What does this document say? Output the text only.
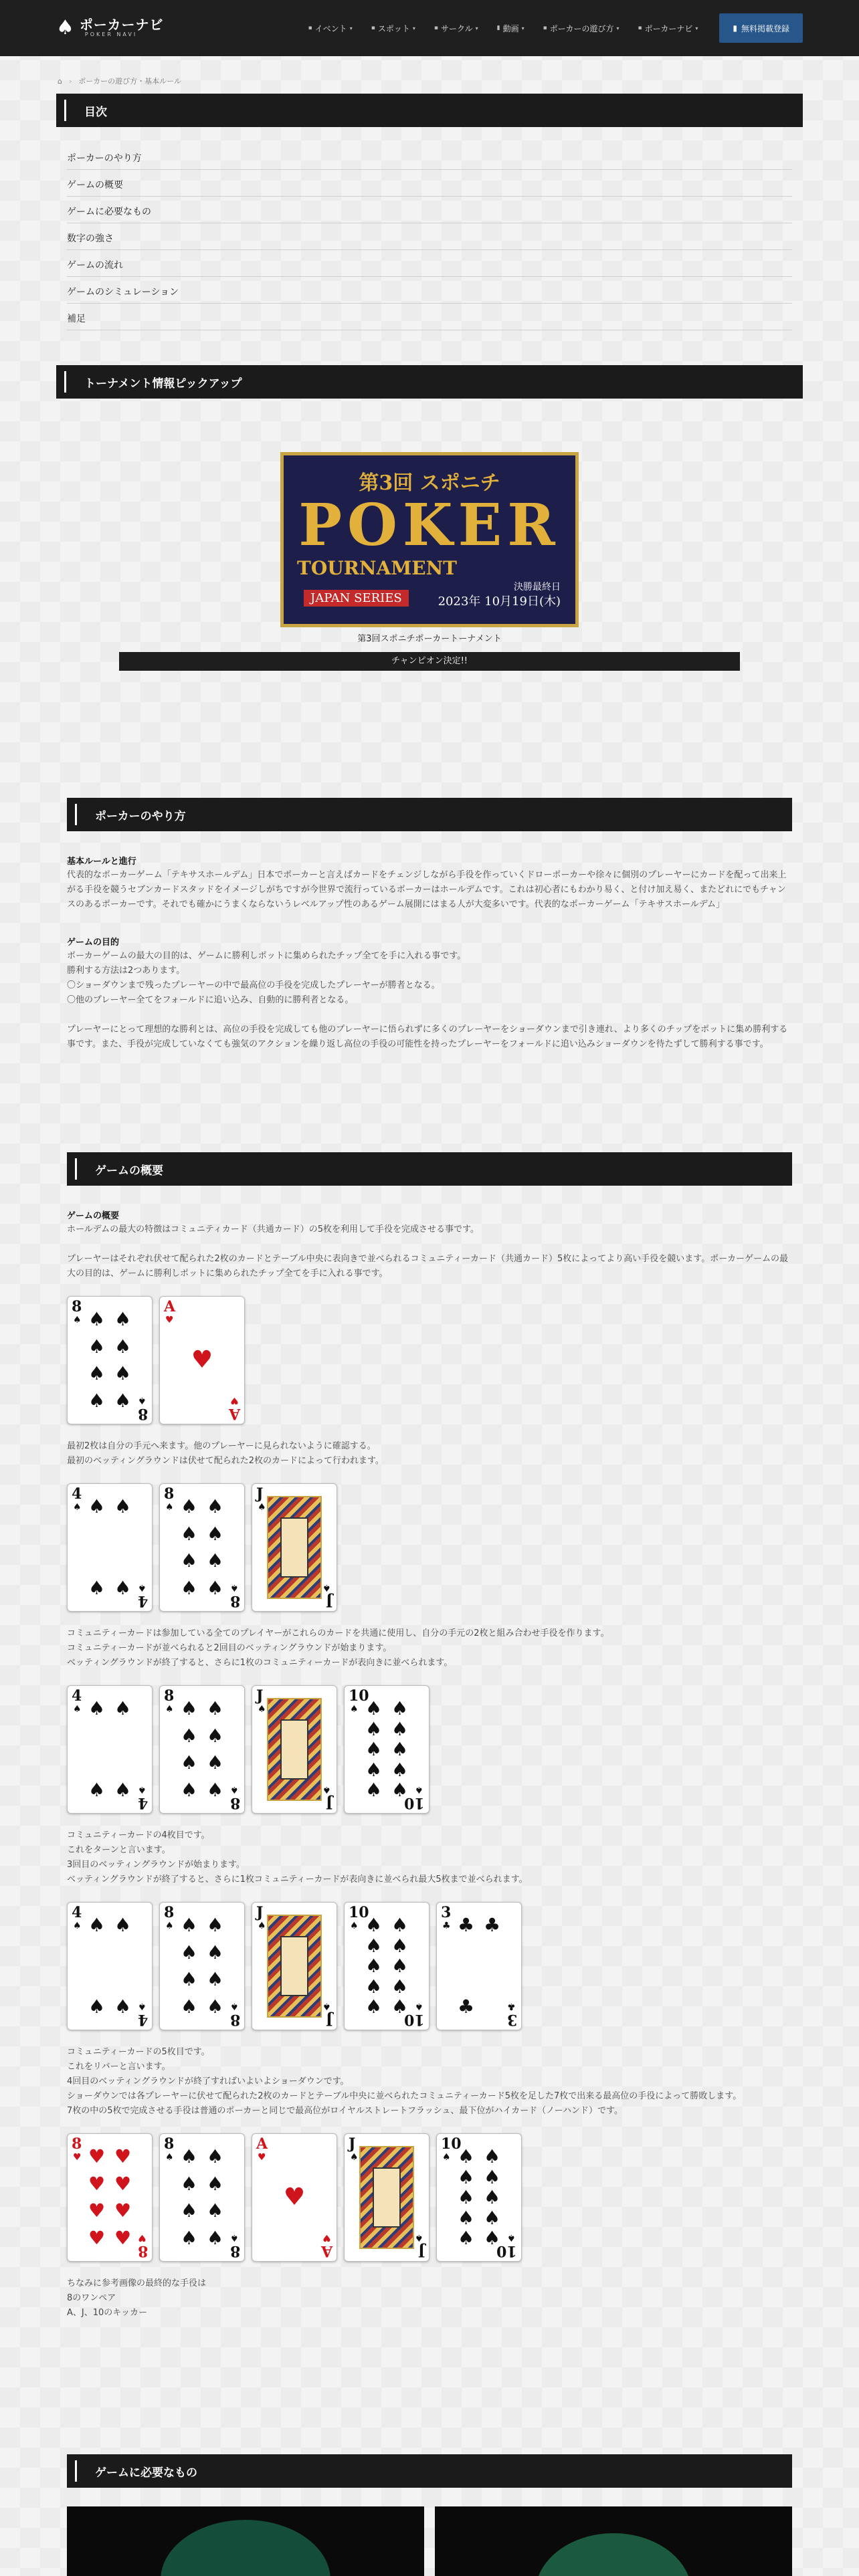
♠ ポーカーナビ
POKER NAVI
▪ イベント ▾	▪ スポット ▾	▪ サークル ▾	▮ 動画 ▾	▪ ポーカーの遊び方 ▾	▪ ポーカーナビ ▾	▮ 無料掲載登録
⌂ › ポーカーの遊び方・基本ルール
目次
ポーカーのやり方
ゲームの概要
ゲームに必要なもの
数字の強さ
ゲームの流れ
ゲームのシミュレーション
補足
トーナメント情報ピックアップ
第3回 スポニチ
POKER
TOURNAMENT
JAPAN SERIES
決勝最終日
2023年 10月19日(木)
第3回スポニチポーカートーナメント
チャンピオン決定!!
ポーカーのやり方
基本ルールと進行

代表的なポーカーゲーム「テキサスホールデム」日本でポーカーと言えばカードをチェンジしながら手役を作っていくドローポーカーや徐々に個別のプレーヤーにカードを配って出来上がる手役を競うセブンカードスタッドをイメージしがちですが今世界で流行っているポーカーはホールデムです。これは初心者にもわかり易く、と付け加え易く、またどれにでもチャンスのあるポーカーです。それでも確かにうまくならないうレベルアップ性のあるゲーム展開にはまる人が大変多いです。代表的なポーカーゲーム「テキサスホールデム」

ゲームの目的

ポーカーゲームの最大の目的は、ゲームに勝利しポットに集められたチップ全てを手に入れる事です。
勝利する方法は2つあります。
〇ショーダウンまで残ったプレーヤーの中で最高位の手役を完成したプレーヤーが勝者となる。
〇他のプレーヤー全てをフォールドに追い込み、自動的に勝利者となる。

プレーヤーにとって理想的な勝利とは、高位の手役を完成しても他のプレーヤーに悟られずに多くのプレーヤーをショーダウンまで引き連れ、より多くのチップをポットに集め勝利する事です。また、手役が完成していなくても強気のアクションを繰り返し高位の手役の可能性を持ったプレーヤーをフォールドに追い込みショーダウンを待たずして勝利する事です。

ゲームの概要
ゲームの概要

ホールデムの最大の特徴はコミュニティカード（共通カード）の5枚を利用して手役を完成させる事です。

プレーヤーはそれぞれ伏せて配られた2枚のカードとテーブル中央に表向きで並べられるコミュニティーカード（共通カード）5枚によってより高い手役を競います。ポーカーゲームの最大の目的は、ゲームに勝利しポットに集められたチップ全てを手に入れる事です。

8
♠ ♠ ♠
♠ ♠
♠ ♠
♠ ♠ ♠
8
A
♥
♥
♥
A

最初2枚は自分の手元へ来ます。他のプレーヤーに見られないように確認する。
最初のベッティングラウンドは伏せて配られた2枚のカードによって行われます。

4
♠ ♠ ♠
♠ ♠ ♠
4
8
♠ ♠ ♠
♠ ♠
♠ ♠
♠ ♠ ♠
8
J
♠
♠
J

コミュニティーカードは参加している全てのプレイヤーがこれらのカードを共通に使用し、自分の手元の2枚と組み合わせ手役を作ります。
コミュニティーカードが並べられると2回目のベッティングラウンドが始まります。
ベッティングラウンドが終了すると、さらに1枚のコミュニティーカードが表向きに並べられます。

4
♠ ♠ ♠
♠ ♠ ♠
4
8
♠ ♠ ♠
♠ ♠
♠ ♠
♠ ♠ ♠
8
J
♠
♠
J
10
♠ ♠ ♠
♠ ♠
♠ ♠
♠ ♠
♠ ♠ ♠
10

コミュニティーカードの4枚目です。
これをターンと言います。
3回目のベッティングラウンドが始まります。
ベッティングラウンドが終了すると、さらに1枚コミュニティーカードが表向きに並べられ最大5枚まで並べられます。

4
♠ ♠ ♠
♠ ♠ ♠
4
8
♠ ♠ ♠
♠ ♠
♠ ♠
♠ ♠ ♠
8
J
♠
♠
J
10
♠ ♠ ♠
♠ ♠
♠ ♠
♠ ♠
♠ ♠ ♠
10
3
♣ ♣ ♣
♣	♣
3

コミュニティーカードの5枚目です。
これをリバーと言います。
4回目のベッティングラウンドが終了すればいよいよショーダウンです。
ショーダウンでは各プレーヤーに伏せて配られた2枚のカードとテーブル中央に並べられたコミュニティーカード5枚を足した7枚で出来る最高位の手役によって勝敗します。
7枚の中の5枚で完成させる手役は普通のポーカーと同じで最高位がロイヤルストレートフラッシュ、最下位がハイカード（ノーハンド）です。

8
♥ ♥ ♥
♥ ♥
♥ ♥
♥ ♥ ♥
8
8
♠ ♠ ♠
♠ ♠
♠ ♠
♠ ♠ ♠
8
A
♥
♥
♥
A
J
♠
♠
J
10
♠ ♠ ♠
♠ ♠
♠ ♠
♠ ♠
♠ ♠ ♠
10

ちなみに参考画像の最終的な手役は
8のワンペア
A、J、10のキッカー

ゲームに必要なもの
